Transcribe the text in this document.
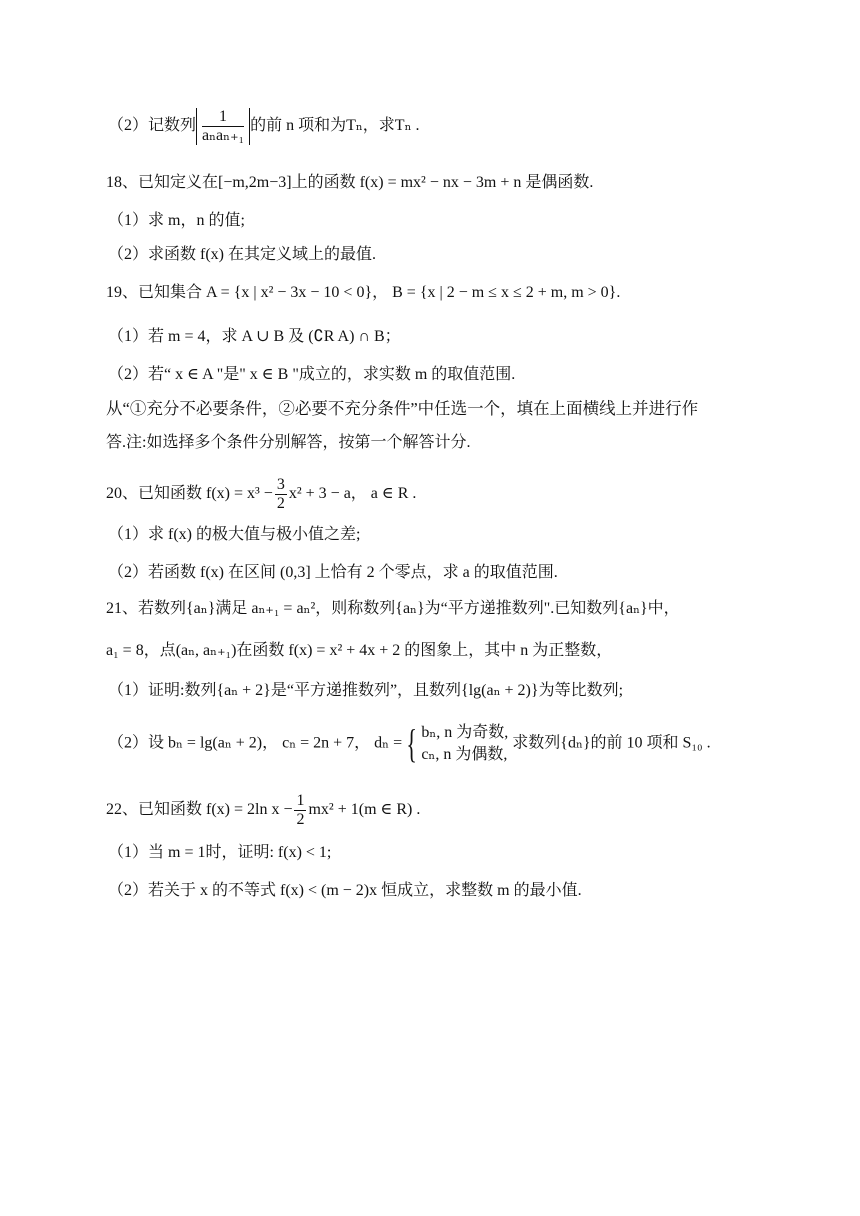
（2）记数列 $\frac{1}{\text{aₙaₙ₊₁}}$ 的前 n 项和为Tₙ，求Tₙ .
18、已知定义在[−m,2m−3]上的函数 f(x) = mx² − nx − 3m + n 是偶函数.
（1）求 m，n 的值;
（2）求函数 f(x) 在其定义域上的最值.
19、已知集合 A = {x | x² − 3x − 10 < 0}， B = {x | 2 − m ≤ x ≤ 2 + m, m > 0}.
（1）若 m = 4，求 A ∪ B 及 (∁R A) ∩ B；
（2）若“ x ∈ A "是" x ∈ B "成立的，求实数 m 的取值范围.
从“①充分不必要条件，②必要不充分条件”中任选一个，填在上面横线上并进行作
答.注:如选择多个条件分别解答，按第一个解答计分.
20、已知函数 $f(x) = x^3 - \frac{3}{2} x^2 + 3 - a$， a ∈ R .
（1）求 f(x) 的极大值与极小值之差;
（2）若函数 f(x) 在区间 (0,3] 上恰有 2 个零点，求 a 的取值范围.
21、若数列{aₙ}满足 aₙ₊₁ = aₙ²，则称数列{aₙ}为“平方递推数列".已知数列{aₙ}中，
a₁ = 8，点(aₙ, aₙ₊₁)在函数 f(x) = x² + 4x + 2 的图象上，其中 n 为正整数，
（1）证明:数列{aₙ + 2}是“平方递推数列”，且数列{lg(aₙ + 2)}为等比数列;
（2）设 bₙ = lg(aₙ + 2)， cₙ = 2n + 7， dₙ = { bₙ, n 为奇数,
cₙ, n 为偶数,
求数列{dₙ}的前 10 项和 S₁₀ .
22、已知函数 f(x) = 2ln $x - \frac{1}{2} mx^2 + 1(m$ ∈ R) .
（1）当 m = 1时，证明: f(x) < 1;
（2）若关于 x 的不等式 f(x) < (m − 2)x 恒成立，求整数 m 的最小值.
